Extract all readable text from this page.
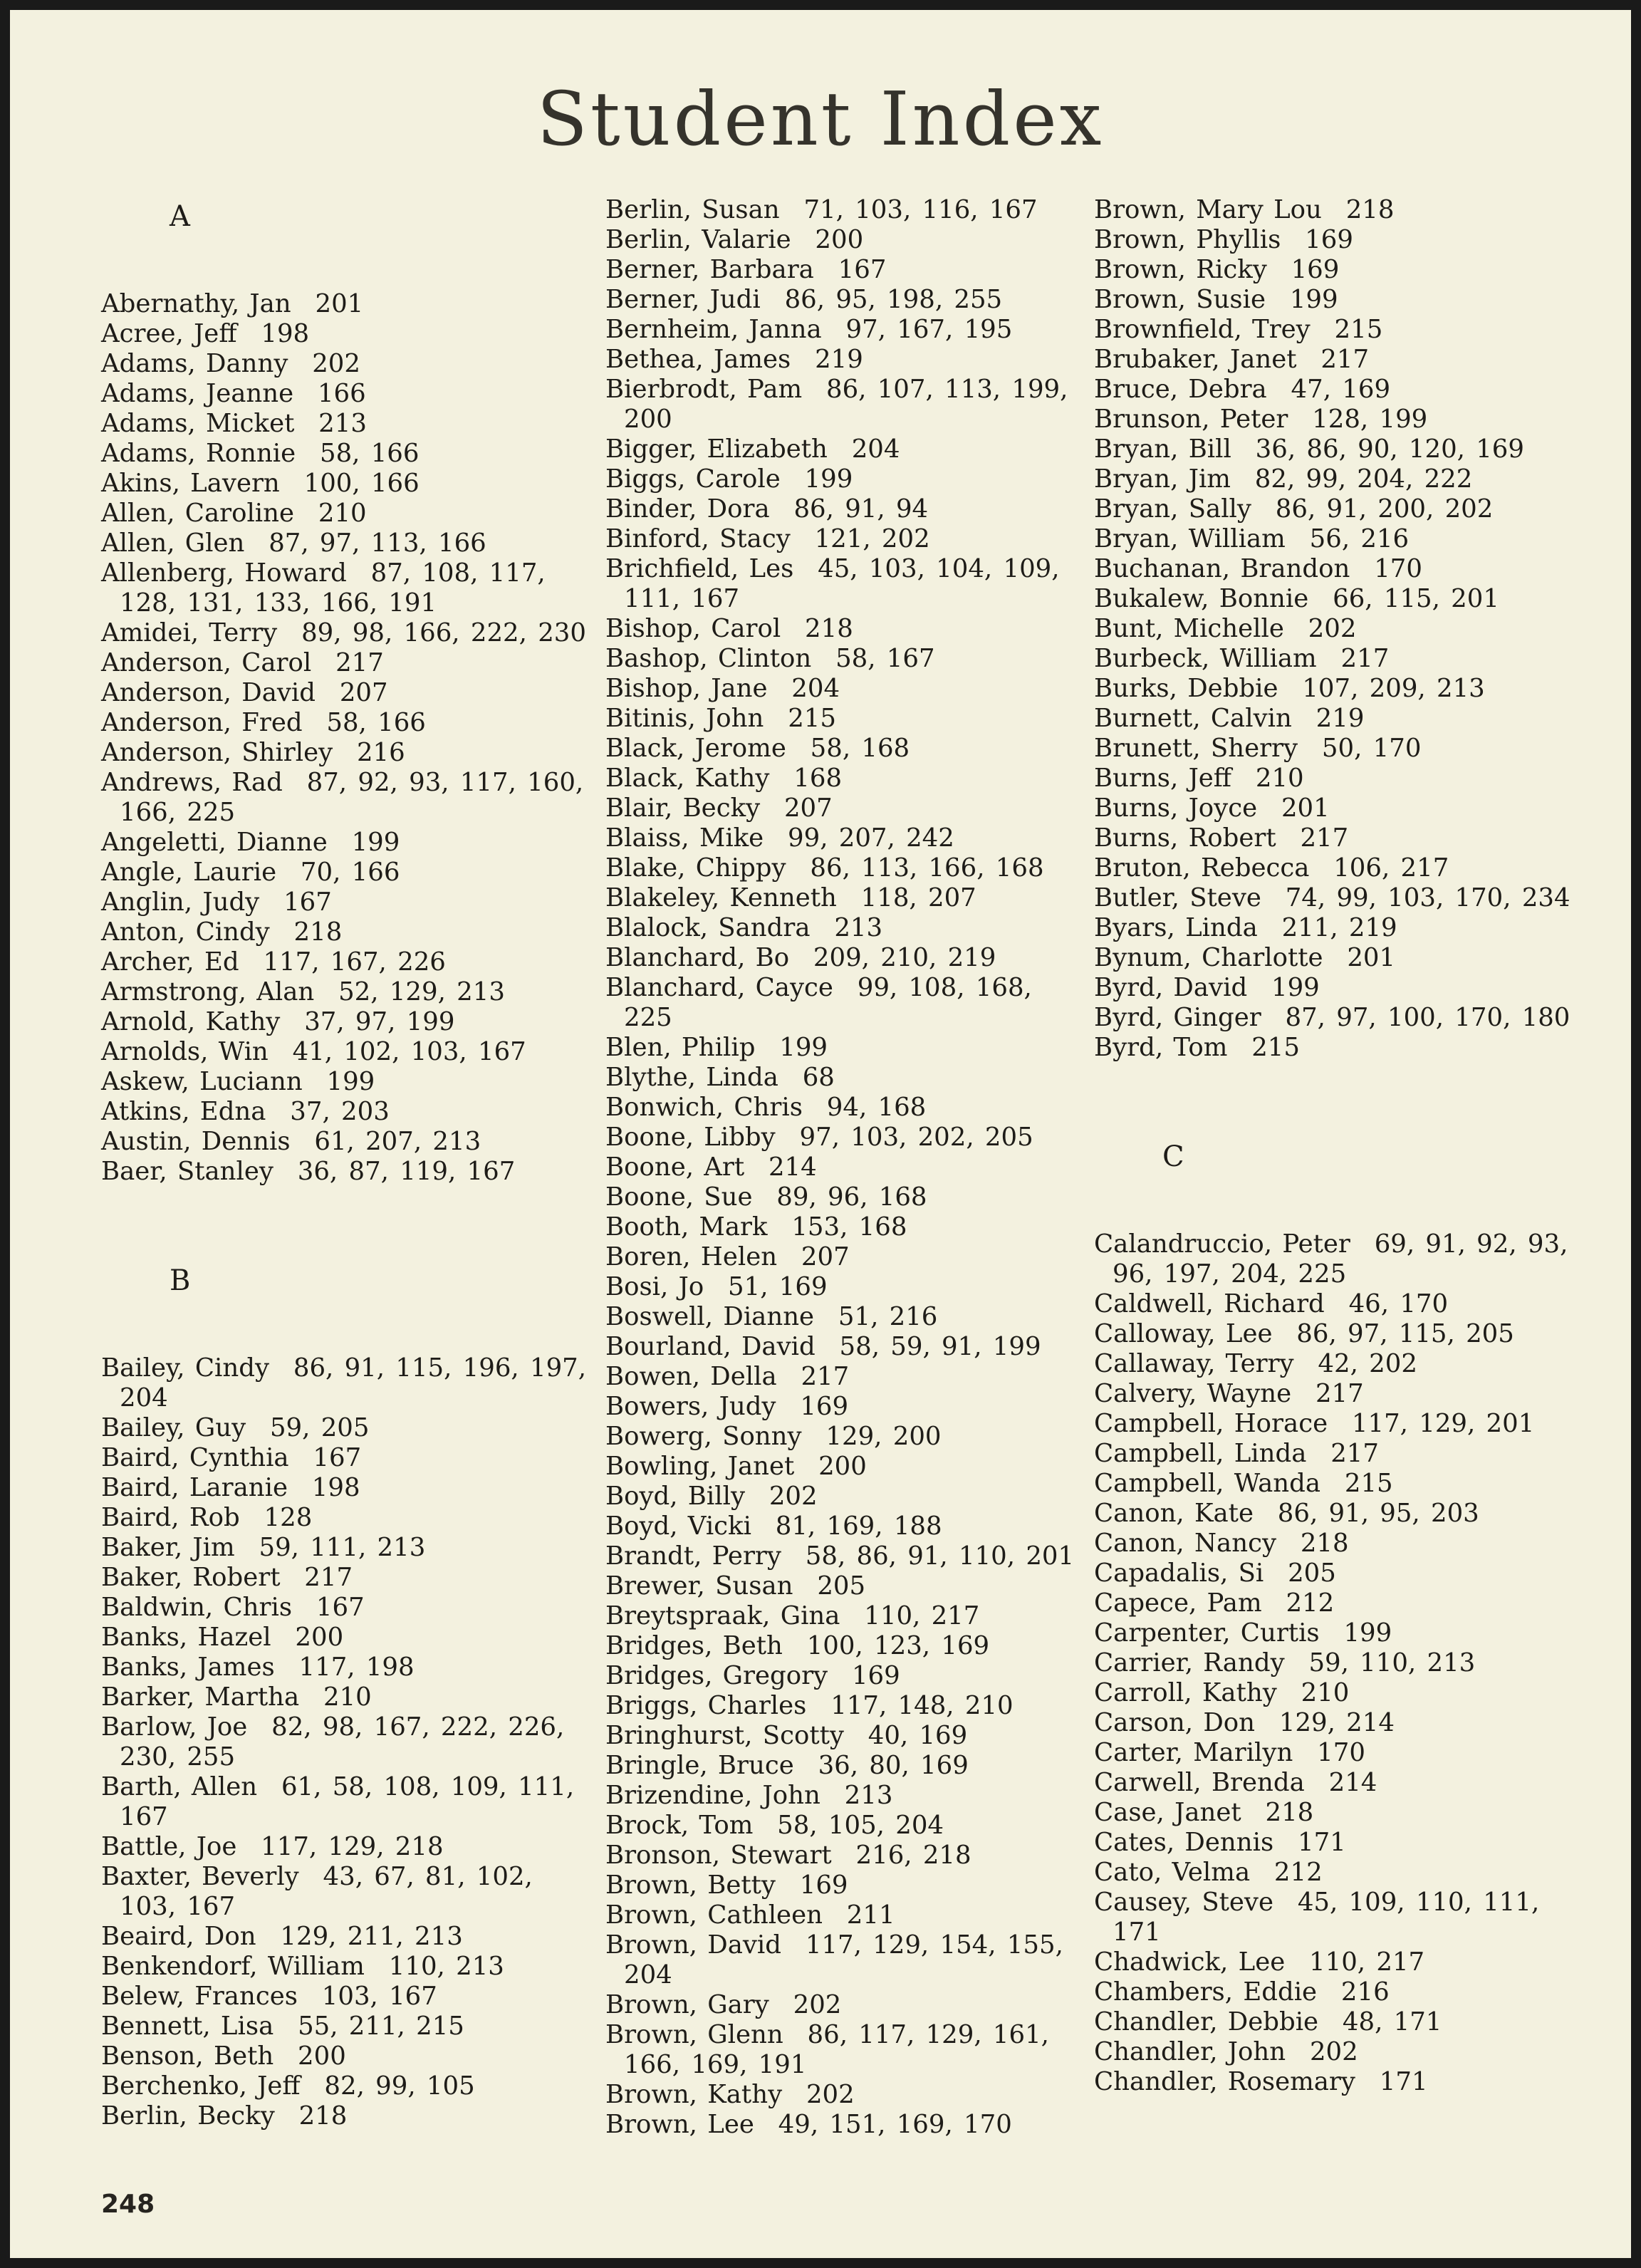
Student Index
A
Abernathy, Jan 201
Acree, Jeff 198
Adams, Danny 202
Adams, Jeanne 166
Adams, Micket 213
Adams, Ronnie 58, 166
Akins, Lavern 100, 166
Allen, Caroline 210
Allen, Glen 87, 97, 113, 166
Allenberg, Howard 87, 108, 117, 128, 131, 133, 166, 191
Amidei, Terry 89, 98, 166, 222, 230
Anderson, Carol 217
Anderson, David 207
Anderson, Fred 58, 166
Anderson, Shirley 216
Andrews, Rad 87, 92, 93, 117, 160, 166, 225
Angeletti, Dianne 199
Angle, Laurie 70, 166
Anglin, Judy 167
Anton, Cindy 218
Archer, Ed 117, 167, 226
Armstrong, Alan 52, 129, 213
Arnold, Kathy 37, 97, 199
Arnolds, Win 41, 102, 103, 167
Askew, Luciann 199
Atkins, Edna 37, 203
Austin, Dennis 61, 207, 213
Baer, Stanley 36, 87, 119, 167
B
Bailey, Cindy 86, 91, 115, 196, 197, 204
Bailey, Guy 59, 205
Baird, Cynthia 167
Baird, Laranie 198
Baird, Rob 128
Baker, Jim 59, 111, 213
Baker, Robert 217
Baldwin, Chris 167
Banks, Hazel 200
Banks, James 117, 198
Barker, Martha 210
Barlow, Joe 82, 98, 167, 222, 226, 230, 255
Barth, Allen 61, 58, 108, 109, 111, 167
Battle, Joe 117, 129, 218
Baxter, Beverly 43, 67, 81, 102, 103, 167
Beaird, Don 129, 211, 213
Benkendorf, William 110, 213
Belew, Frances 103, 167
Bennett, Lisa 55, 211, 215
Benson, Beth 200
Berchenko, Jeff 82, 99, 105
Berlin, Becky 218
Berlin, Susan 71, 103, 116, 167
Berlin, Valarie 200
Berner, Barbara 167
Berner, Judi 86, 95, 198, 255
Bernheim, Janna 97, 167, 195
Bethea, James 219
Bierbrodt, Pam 86, 107, 113, 199, 200
Bigger, Elizabeth 204
Biggs, Carole 199
Binder, Dora 86, 91, 94
Binford, Stacy 121, 202
Brichfield, Les 45, 103, 104, 109, 111, 167
Bishop, Carol 218
Bashop, Clinton 58, 167
Bishop, Jane 204
Bitinis, John 215
Black, Jerome 58, 168
Black, Kathy 168
Blair, Becky 207
Blaiss, Mike 99, 207, 242
Blake, Chippy 86, 113, 166, 168
Blakeley, Kenneth 118, 207
Blalock, Sandra 213
Blanchard, Bo 209, 210, 219
Blanchard, Cayce 99, 108, 168, 225
Blen, Philip 199
Blythe, Linda 68
Bonwich, Chris 94, 168
Boone, Libby 97, 103, 202, 205
Boone, Art 214
Boone, Sue 89, 96, 168
Booth, Mark 153, 168
Boren, Helen 207
Bosi, Jo 51, 169
Boswell, Dianne 51, 216
Bourland, David 58, 59, 91, 199
Bowen, Della 217
Bowers, Judy 169
Bowerg, Sonny 129, 200
Bowling, Janet 200
Boyd, Billy 202
Boyd, Vicki 81, 169, 188
Brandt, Perry 58, 86, 91, 110, 201
Brewer, Susan 205
Breytspraak, Gina 110, 217
Bridges, Beth 100, 123, 169
Bridges, Gregory 169
Briggs, Charles 117, 148, 210
Bringhurst, Scotty 40, 169
Bringle, Bruce 36, 80, 169
Brizendine, John 213
Brock, Tom 58, 105, 204
Bronson, Stewart 216, 218
Brown, Betty 169
Brown, Cathleen 211
Brown, David 117, 129, 154, 155, 204
Brown, Gary 202
Brown, Glenn 86, 117, 129, 161, 166, 169, 191
Brown, Kathy 202
Brown, Lee 49, 151, 169, 170
Brown, Mary Lou 218
Brown, Phyllis 169
Brown, Ricky 169
Brown, Susie 199
Brownfield, Trey 215
Brubaker, Janet 217
Bruce, Debra 47, 169
Brunson, Peter 128, 199
Bryan, Bill 36, 86, 90, 120, 169
Bryan, Jim 82, 99, 204, 222
Bryan, Sally 86, 91, 200, 202
Bryan, William 56, 216
Buchanan, Brandon 170
Bukalew, Bonnie 66, 115, 201
Bunt, Michelle 202
Burbeck, William 217
Burks, Debbie 107, 209, 213
Burnett, Calvin 219
Brunett, Sherry 50, 170
Burns, Jeff 210
Burns, Joyce 201
Burns, Robert 217
Bruton, Rebecca 106, 217
Butler, Steve 74, 99, 103, 170, 234
Byars, Linda 211, 219
Bynum, Charlotte 201
Byrd, David 199
Byrd, Ginger 87, 97, 100, 170, 180
Byrd, Tom 215
C
Calandruccio, Peter 69, 91, 92, 93, 96, 197, 204, 225
Caldwell, Richard 46, 170
Calloway, Lee 86, 97, 115, 205
Callaway, Terry 42, 202
Calvery, Wayne 217
Campbell, Horace 117, 129, 201
Campbell, Linda 217
Campbell, Wanda 215
Canon, Kate 86, 91, 95, 203
Canon, Nancy 218
Capadalis, Si 205
Capece, Pam 212
Carpenter, Curtis 199
Carrier, Randy 59, 110, 213
Carroll, Kathy 210
Carson, Don 129, 214
Carter, Marilyn 170
Carwell, Brenda 214
Case, Janet 218
Cates, Dennis 171
Cato, Velma 212
Causey, Steve 45, 109, 110, 111, 171
Chadwick, Lee 110, 217
Chambers, Eddie 216
Chandler, Debbie 48, 171
Chandler, John 202
Chandler, Rosemary 171
248
